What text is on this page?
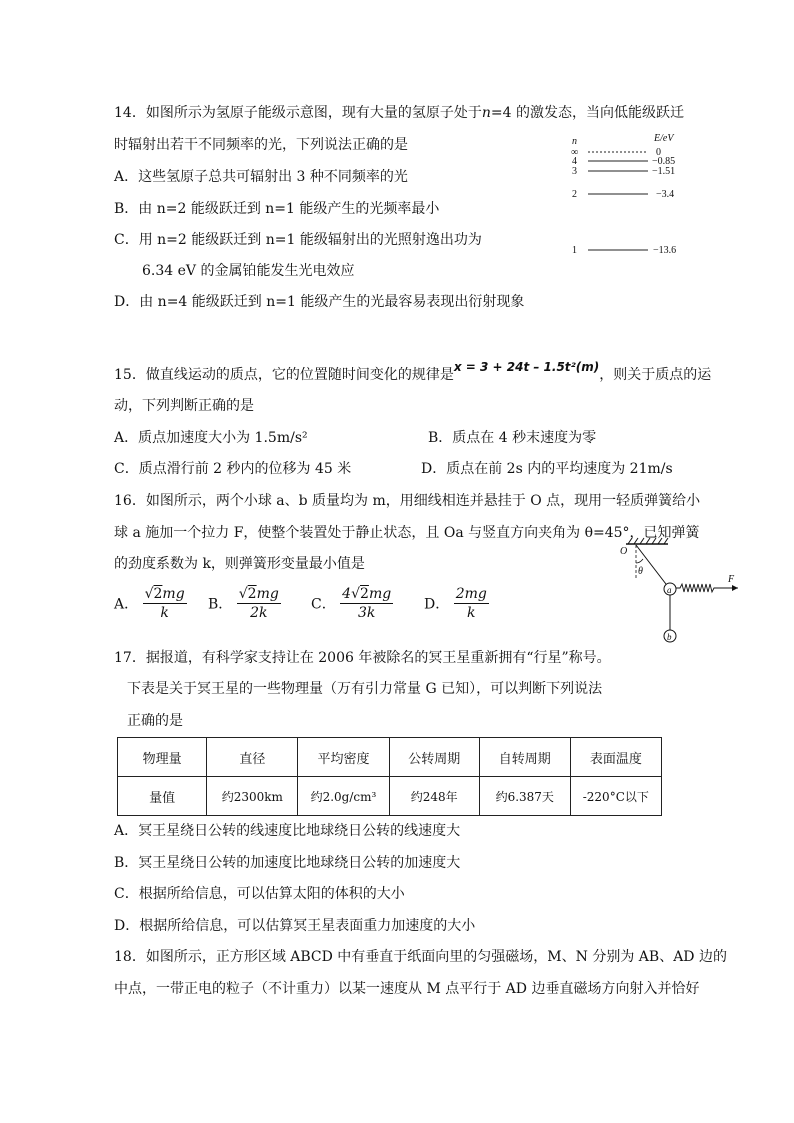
14．如图所示为氢原子能级示意图，现有大量的氢原子处于n=4 的激发态，当向低能级跃迁
时辐射出若干不同频率的光，下列说法正确的是
A．这些氢原子总共可辐射出 3 种不同频率的光
B．由 n=2 能级跃迁到 n=1 能级产生的光频率最小
C．用 n=2 能级跃迁到 n=1 能级辐射出的光照射逸出功为
6.34 eV 的金属铂能发生光电效应
D．由 n=4 能级跃迁到 n=1 能级产生的光最容易表现出衍射现象
n	E/eV
∞	0
4	−0.85
3	−1.51
2	−3.4
1	−13.6
15．做直线运动的质点，它的位置随时间变化的规律是x = 3 + 24t – 1.5t²(m)，则关于质点的运
动，下列判断正确的是
A．质点加速度大小为 1.5m/s²	B．质点在 4 秒末速度为零
C．质点滑行前 2 秒内的位移为 45 米	D．质点在前 2s 内的平均速度为 21m/s
16．如图所示，两个小球 a、b 质量均为 m，用细线相连并悬挂于 O 点，现用一轻质弹簧给小
球 a 施加一个拉力 F，使整个装置处于静止状态，且 Oa 与竖直方向夹角为 θ=45°，已知弹簧
的劲度系数为 k，则弹簧形变量最小值是
A． $\frac{√2mg}{k}$ B． $\frac{√2mg}{2k}$ C． $\frac{4√2mg}{3k}$ D． $\frac{2mg}{k}$
O
θ
a
b
F
17．据报道，有科学家支持让在 2006 年被除名的冥王星重新拥有“行星”称号。
下表是关于冥王星的一些物理量（万有引力常量 G 已知），可以判断下列说法
正确的是
物理量	直径	平均密度	公转周期	自转周期	表面温度
量值	约2300km	约2.0g/cm³	约248年	约6.387天	-220°C以下
A．冥王星绕日公转的线速度比地球绕日公转的线速度大
B．冥王星绕日公转的加速度比地球绕日公转的加速度大
C．根据所给信息，可以估算太阳的体积的大小
D．根据所给信息，可以估算冥王星表面重力加速度的大小
18．如图所示，正方形区域 ABCD 中有垂直于纸面向里的匀强磁场，M、N 分别为 AB、AD 边的
中点，一带正电的粒子（不计重力）以某一速度从 M 点平行于 AD 边垂直磁场方向射入并恰好
